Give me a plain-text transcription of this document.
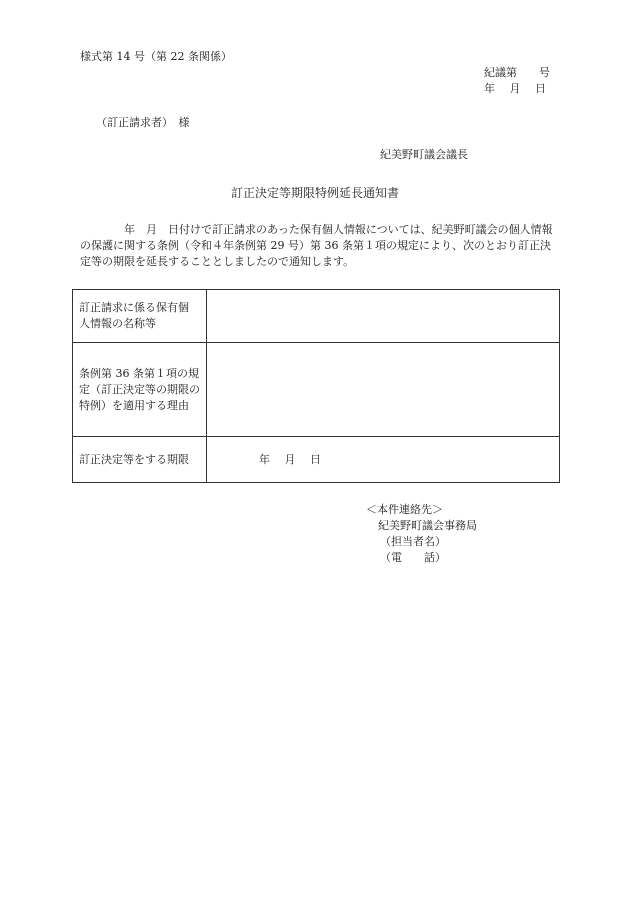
様式第 14 号（第 22 条関係）
紀議第　　号
年　 月　 日
（訂正請求者）　様
紀美野町議会議長
訂正決定等期限特例延長通知書

　　　　年　月　日付けで訂正請求のあった保有個人情報については、紀美野町議会の個人情報

の保護に関する条例（令和４年条例第 29 号）第 36 条第１項の規定により、次のとおり訂正決

定等の期限を延長することとしましたので通知します。

訂正請求に係る保有個
人情報の名称等	

条例第 36 条第１項の規
定（訂正決定等の期限の
特例）を適用する理由	

訂正決定等をする期限	年　 月　 日
＜本件連絡先＞
紀美野町議会事務局
（担当者名）
（電　　話）
